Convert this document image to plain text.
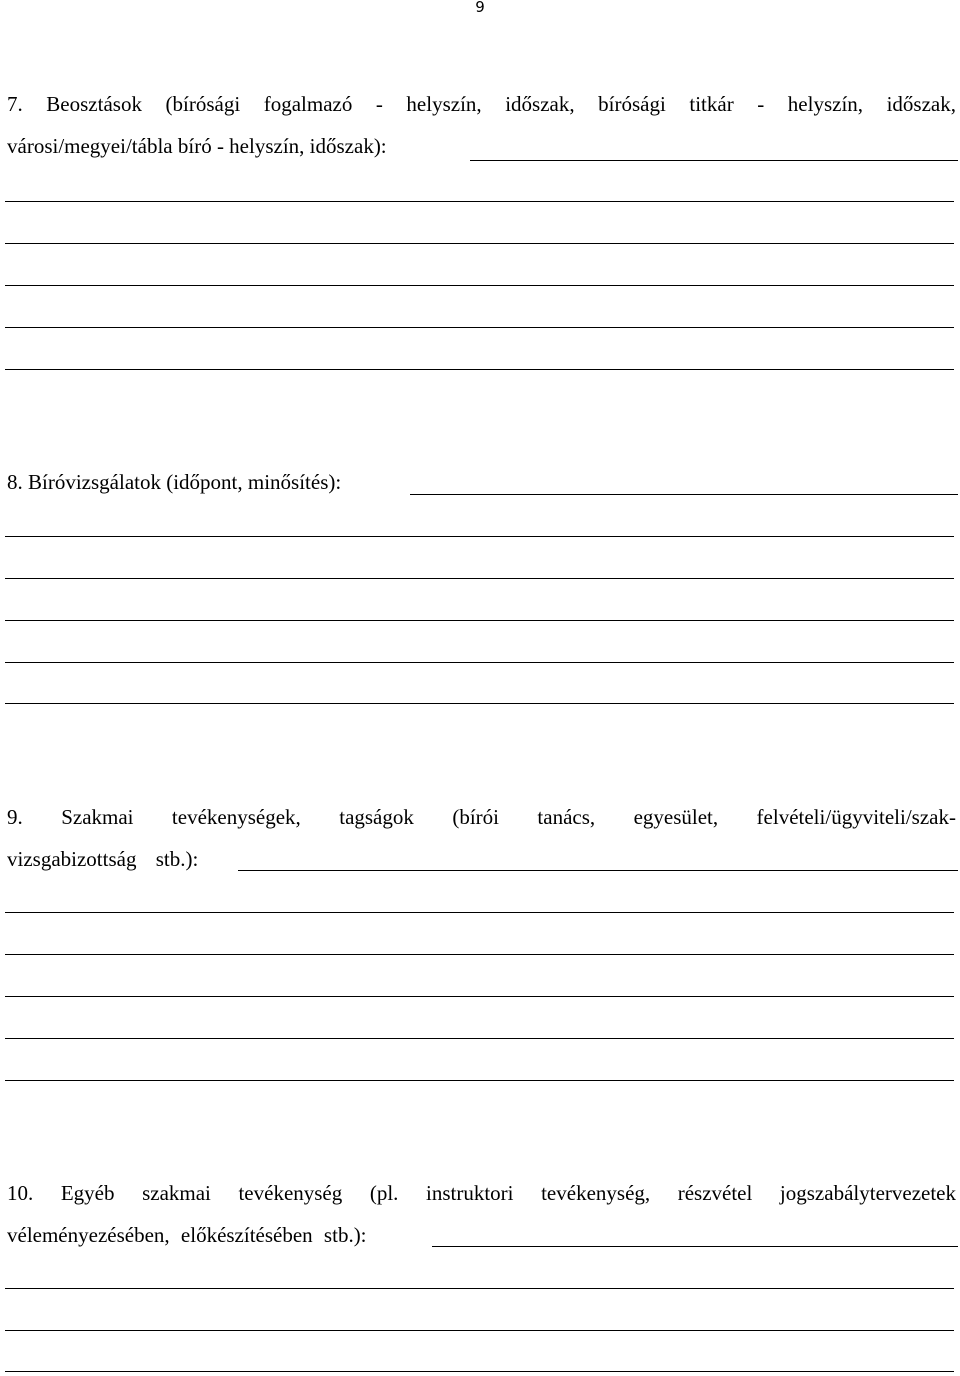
9
7. Beosztások (bírósági fogalmazó - helyszín, időszak, bírósági titkár - helyszín, időszak,
városi/megyei/tábla bíró - helyszín, időszak):
8. Bíróvizsgálatok (időpont, minősítés):
9. Szakmai tevékenységek, tagságok (bírói tanács, egyesület, felvételi/ügyviteli/szak-
vizsgabizottság stb.):
10. Egyéb szakmai tevékenység (pl. instruktori tevékenység, részvétel jogszabálytervezetek
véleményezésében, előkészítésében stb.):
